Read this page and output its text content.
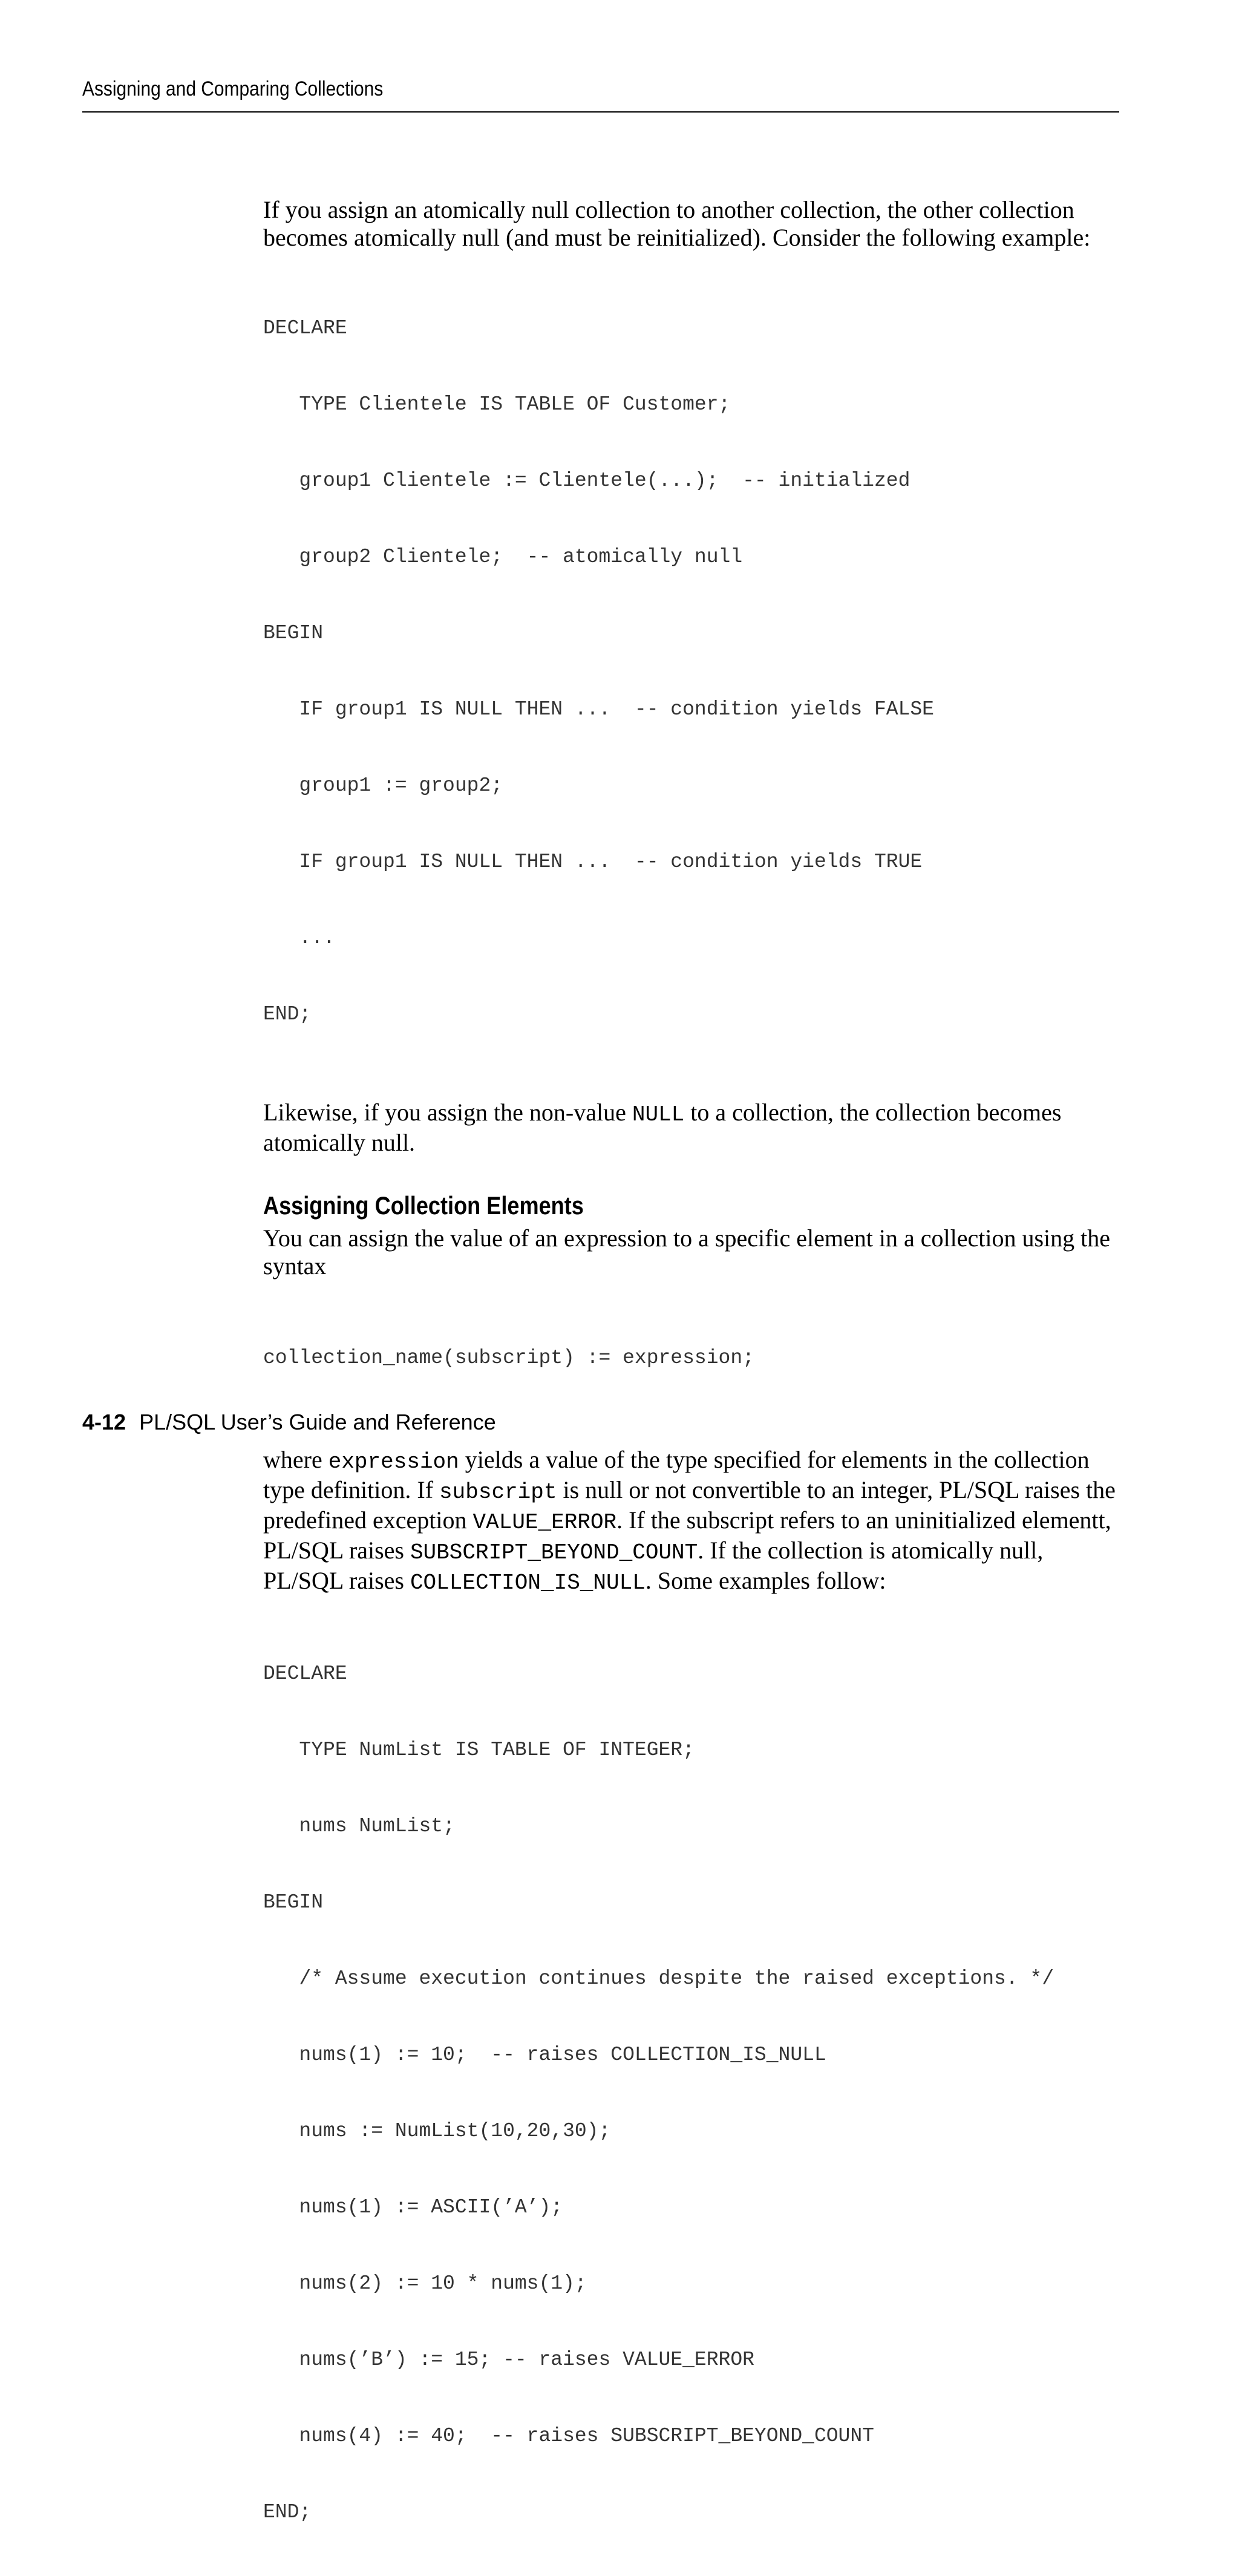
Assigning and Comparing Collections

If you assign an atomically null collection to another collection, the other collection becomes atomically null (and must be reinitialized). Consider the following example:

DECLARE

TYPE Clientele IS TABLE OF Customer;

group1 Clientele := Clientele(...);  -- initialized

group2 Clientele;  -- atomically null

BEGIN

IF group1 IS NULL THEN ...  -- condition yields FALSE

group1 := group2;

IF group1 IS NULL THEN ...  -- condition yields TRUE

...

END;

Likewise, if you assign the non-value NULL to a collection, the collection becomes atomically null.

Assigning Collection Elements

You can assign the value of an expression to a specific element in a collection using the syntax

collection_name(subscript) := expression;

where expression yields a value of the type specified for elements in the collection type definition. If subscript is null or not convertible to an integer, PL/SQL raises the predefined exception VALUE_ERROR. If the subscript refers to an uninitialized elementt, PL/SQL raises SUBSCRIPT_BEYOND_COUNT. If the collection is atomically null, PL/SQL raises COLLECTION_IS_NULL. Some examples follow:

DECLARE

TYPE NumList IS TABLE OF INTEGER;

nums NumList;

BEGIN

/* Assume execution continues despite the raised exceptions. */

nums(1) := 10;  -- raises COLLECTION_IS_NULL

nums := NumList(10,20,30);

nums(1) := ASCII(’A’);

nums(2) := 10 * nums(1);

nums(’B’) := 15; -- raises VALUE_ERROR

nums(4) := 40;  -- raises SUBSCRIPT_BEYOND_COUNT

END;

4-12 PL/SQL User’s Guide and Reference
